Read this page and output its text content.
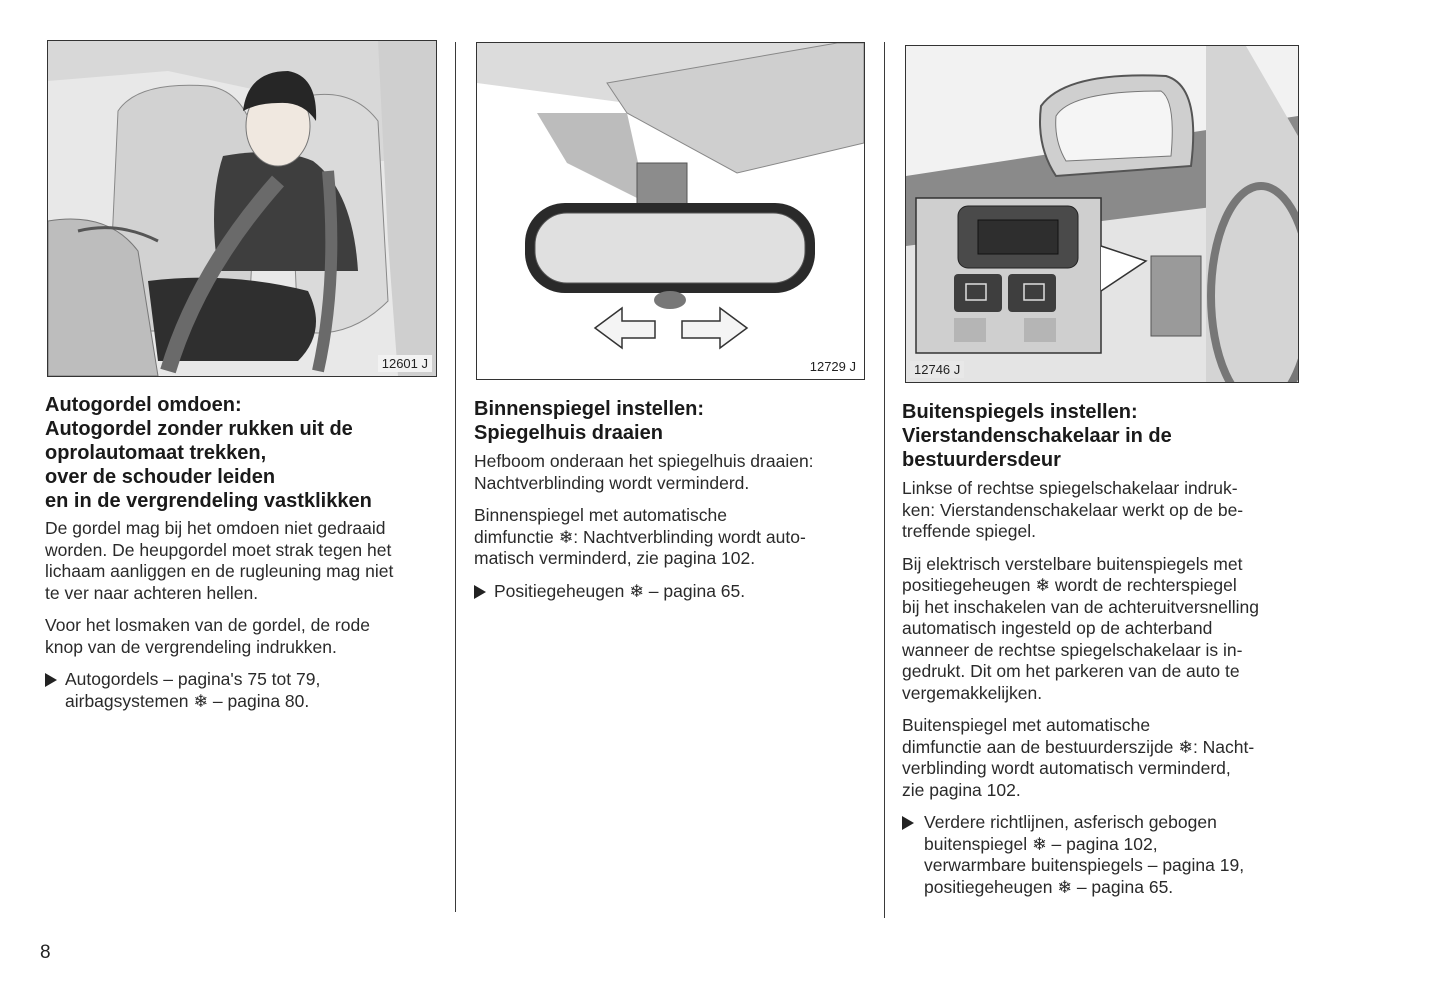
12601 J	12729 J	12746 J
Autogordel omdoen:
Autogordel zonder rukken uit de
oprolautomaat trekken,
over de schouder leiden
en in de vergrendeling vastklikken

De gordel mag bij het omdoen niet gedraaid
worden. De heupgordel moet strak tegen het
lichaam aanliggen en de rugleuning mag niet
te ver naar achteren hellen.

Voor het losmaken van de gordel, de rode
knop van de vergrendeling indrukken.

Autogordels – pagina's 75 tot 79,
airbagsystemen ❄ – pagina 80.

Binnenspiegel instellen:
Spiegelhuis draaien

Hefboom onderaan het spiegelhuis draaien:
Nachtverblinding wordt verminderd.

Binnenspiegel met automatische
dimfunctie ❄: Nachtverblinding wordt auto-
matisch verminderd, zie pagina 102.

Positiegeheugen ❄ – pagina 65.

Buitenspiegels instellen:
Vierstandenschakelaar in de
bestuurdersdeur

Linkse of rechtse spiegelschakelaar indruk-
ken: Vierstandenschakelaar werkt op de be-
treffende spiegel.

Bij elektrisch verstelbare buitenspiegels met
positiegeheugen ❄ wordt de rechterspiegel
bij het inschakelen van de achteruitversnelling
automatisch ingesteld op de achterband
wanneer de rechtse spiegelschakelaar is in-
gedrukt. Dit om het parkeren van de auto te
vergemakkelijken.

Buitenspiegel met automatische
dimfunctie aan de bestuurderszijde ❄: Nacht-
verblinding wordt automatisch verminderd,
zie pagina 102.

Verdere richtlijnen, asferisch gebogen
buitenspiegel ❄ – pagina 102,
verwarmbare buitenspiegels – pagina 19,
positiegeheugen ❄ – pagina 65.

8
